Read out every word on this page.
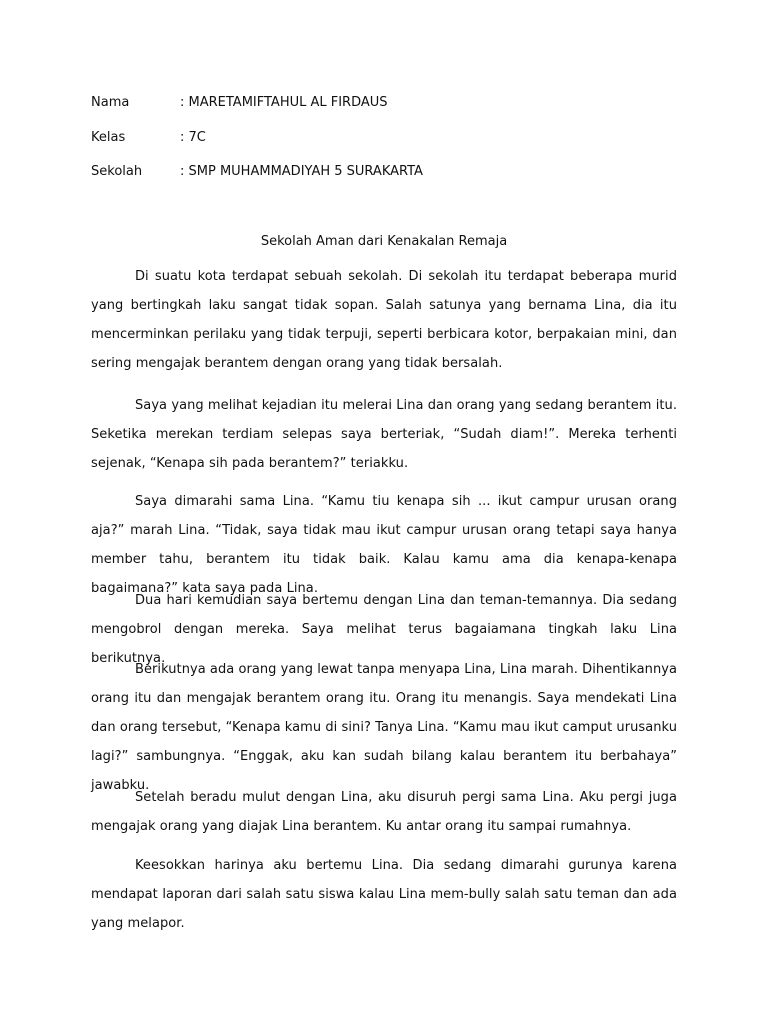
Nama	: MARETAMIFTAHUL AL FIRDAUS
Kelas	: 7C
Sekolah	: SMP MUHAMMADIYAH 5 SURAKARTA
Sekolah Aman dari Kenakalan Remaja

Di suatu kota terdapat sebuah sekolah. Di sekolah itu terdapat beberapa murid yang bertingkah laku sangat tidak sopan. Salah satunya yang bernama Lina, dia itu mencerminkan perilaku yang tidak terpuji, seperti berbicara kotor, berpakaian mini, dan sering mengajak berantem dengan orang yang tidak bersalah.

Saya yang melihat kejadian itu melerai Lina dan orang yang sedang berantem itu. Seketika merekan terdiam selepas saya berteriak, “Sudah diam!”. Mereka terhenti sejenak, “Kenapa sih pada berantem?” teriakku.

Saya dimarahi sama Lina. “Kamu tiu kenapa sih ... ikut campur urusan orang aja?” marah Lina. “Tidak, saya tidak mau ikut campur urusan orang tetapi saya hanya member tahu, berantem itu tidak baik. Kalau kamu ama dia kenapa-kenapa bagaimana?” kata saya pada Lina.

Dua hari kemudian saya bertemu dengan Lina dan teman-temannya. Dia sedang mengobrol dengan mereka. Saya melihat terus bagaiamana tingkah laku Lina berikutnya.

Berikutnya ada orang yang lewat tanpa menyapa Lina, Lina marah. Dihentikannya orang itu dan mengajak berantem orang itu. Orang itu menangis. Saya mendekati Lina dan orang tersebut, “Kenapa kamu di sini? Tanya Lina. “Kamu mau ikut camput urusanku lagi?” sambungnya. “Enggak, aku kan sudah bilang kalau berantem itu berbahaya” jawabku.

Setelah beradu mulut dengan Lina, aku disuruh pergi sama Lina. Aku pergi juga mengajak orang yang diajak Lina berantem. Ku antar orang itu sampai rumahnya.

Keesokkan harinya aku bertemu Lina. Dia sedang dimarahi gurunya karena mendapat laporan dari salah satu siswa kalau Lina mem-bully salah satu teman dan ada yang melapor.
